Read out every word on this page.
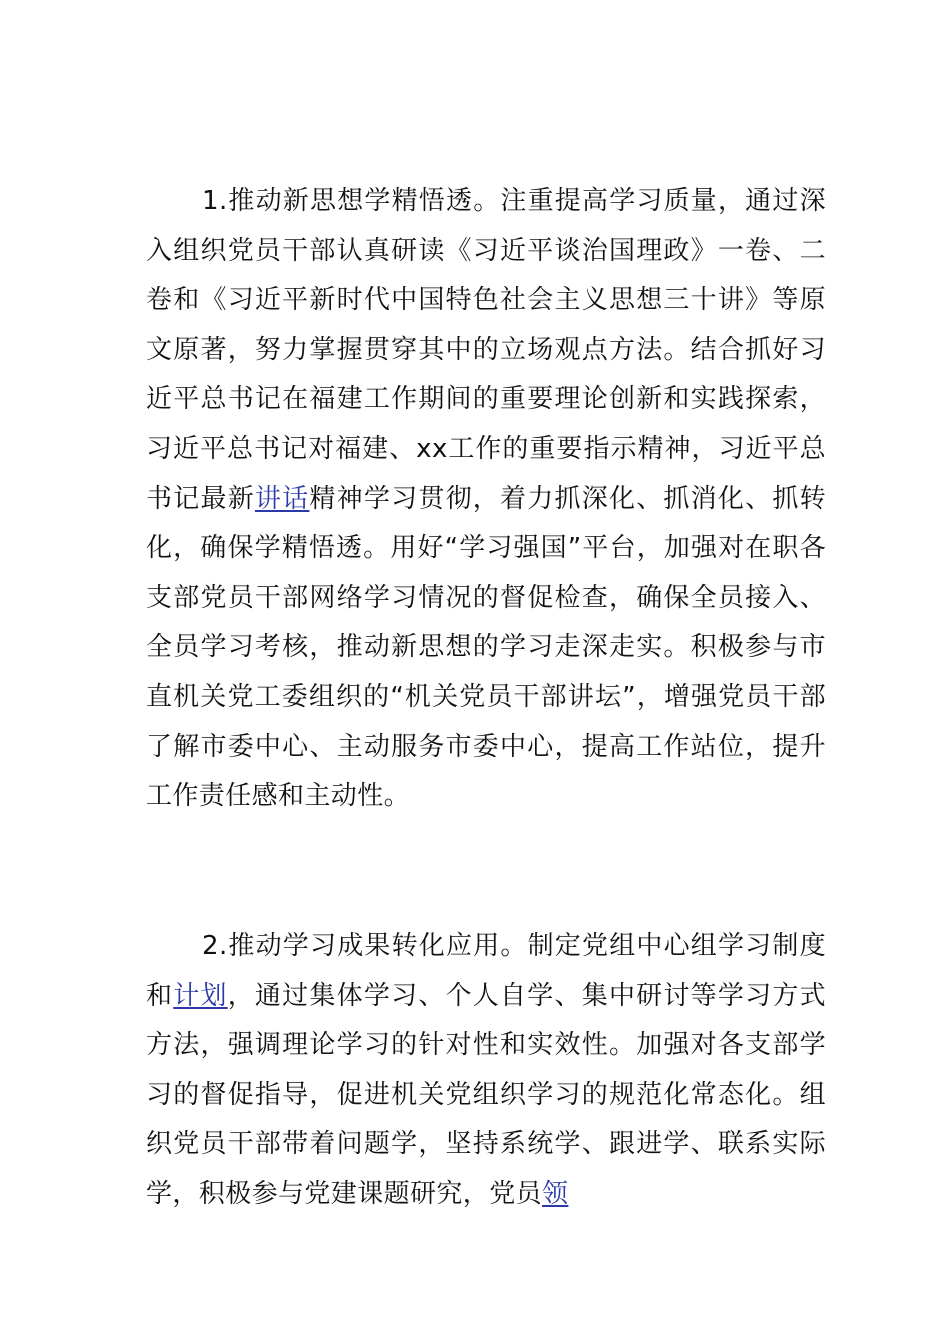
1.推动新思想学精悟透。注重提高学习质量，通过深入组织党员干部认真研读《习近平谈治国理政》一卷、二卷和《习近平新时代中国特色社会主义思想三十讲》等原文原著，努力掌握贯穿其中的立场观点方法。结合抓好习近平总书记在福建工作期间的重要理论创新和实践探索，习近平总书记对福建、xx工作的重要指示精神，习近平总书记最新讲话精神学习贯彻，着力抓深化、抓消化、抓转化，确保学精悟透。用好“学习强国”平台，加强对在职各支部党员干部网络学习情况的督促检查，确保全员接入、全员学习考核，推动新思想的学习走深走实。积极参与市直机关党工委组织的“机关党员干部讲坛”，增强党员干部了解市委中心、主动服务市委中心，提高工作站位，提升工作责任感和主动性。

2.推动学习成果转化应用。制定党组中心组学习制度和计划，通过集体学习、个人自学、集中研讨等学习方式方法，强调理论学习的针对性和实效性。加强对各支部学习的督促指导，促进机关党组织学习的规范化常态化。组织党员干部带着问题学，坚持系统学、跟进学、联系实际学，积极参与党建课题研究，党员领
